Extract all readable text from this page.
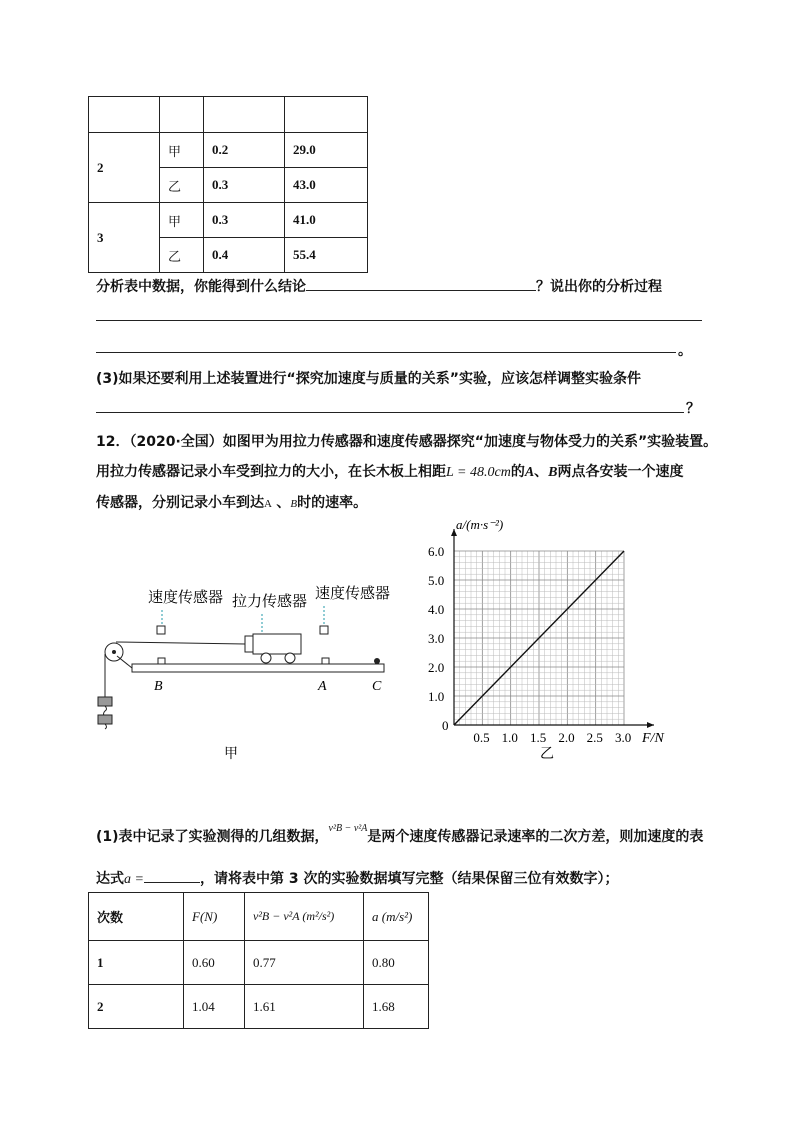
2	甲	0.2	29.0
	乙	0.3	43.0
3	甲	0.3	41.0
	乙	0.4	55.4
分析表中数据，你能得到什么结论	？说出你的分析过程
。
(3)如果还要利用上述装置进行“探究加速度与质量的关系”实验，应该怎样调整实验条件
？
12．（2020·全国）如图甲为用拉力传感器和速度传感器探究“加速度与物体受力的关系”实验装置。
用拉力传感器记录小车受到拉力的大小，在长木板上相距L = 48.0cm的A、B两点各安装一个速度
传感器，分别记录小车到达A 、B时的速率。
速度传感器 拉力传感器 速度传感器
B	A	C
甲
0.5 1.0 1.5 2.0 2.5 3.0
0
1.0
2.0
3.0
4.0
5.0
6.0
a/(m·s⁻²)
F/N
乙
(1)表中记录了实验测得的几组数据，$^{v^2B - v^2A}$是两个速度传感器记录速率的二次方差，则加速度的表
达式a =	，请将表中第 3 次的实验数据填写完整（结果保留三位有效数字）；
次数	F(N)	v²B − v²A (m²/s²)	a (m/s²)
1	0.60	0.77	0.80
2	1.04	1.61	1.68
